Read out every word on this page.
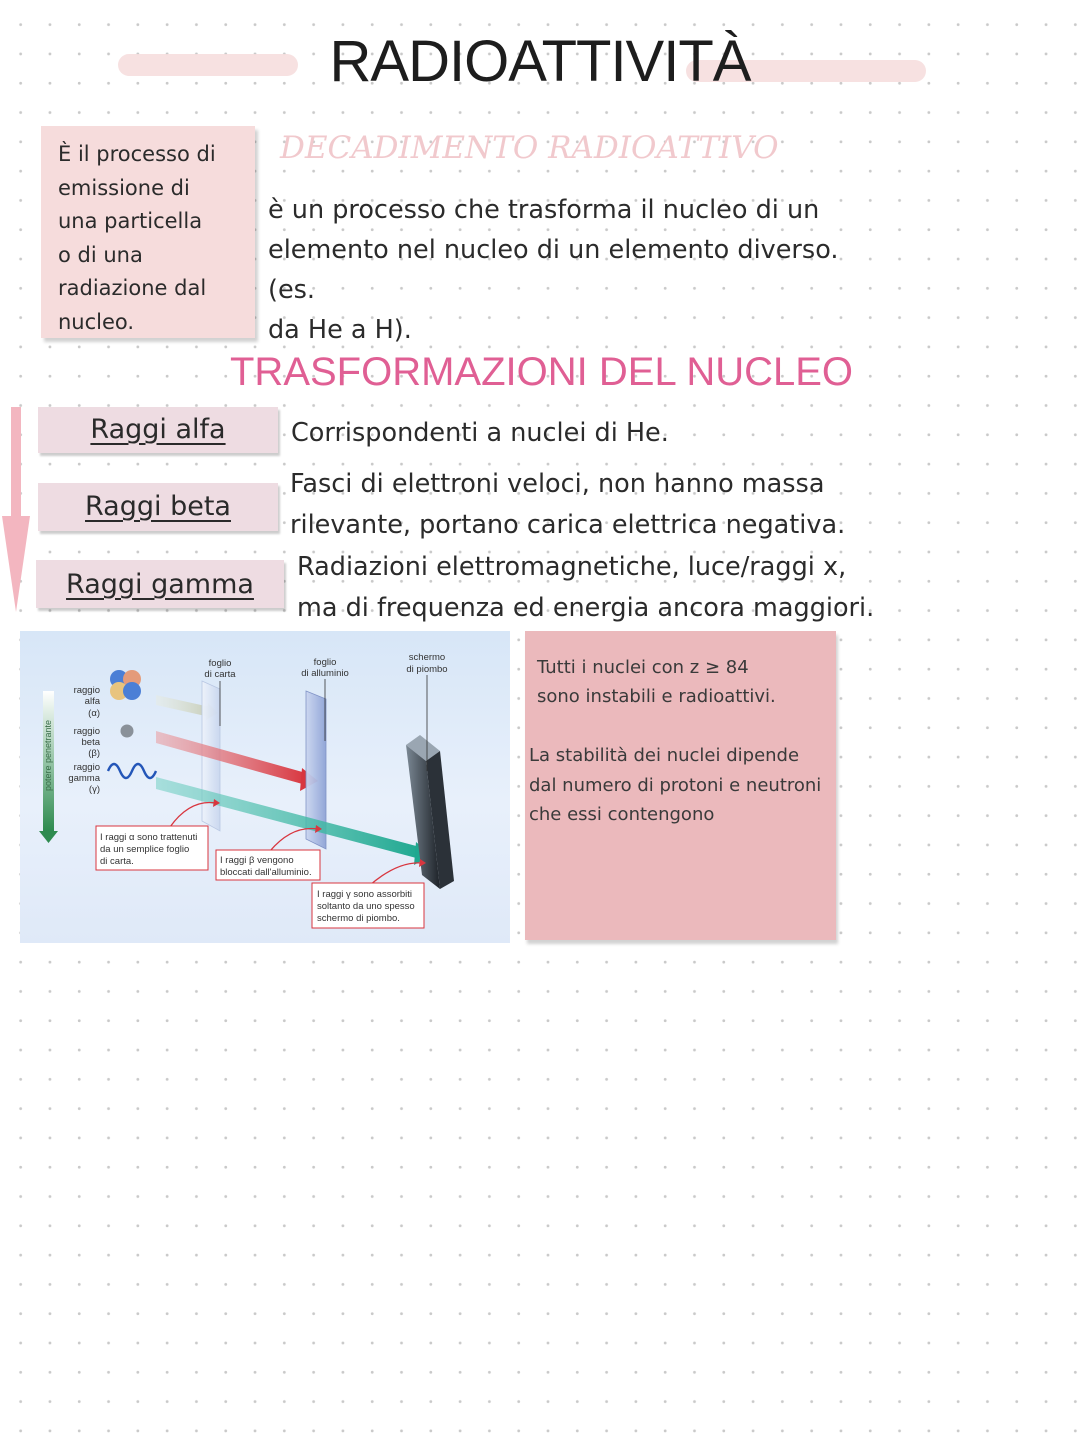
RADIOATTIVITÀ
È il processo di
emissione di
una particella
o di una
radiazione dal
nucleo.
DECADIMENTO RADIOATTIVO
è un processo che trasforma il nucleo di un
elemento nel nucleo di un elemento diverso. (es.
da He a H).
TRASFORMAZIONI DEL NUCLEO
Raggi alfa	Corrispondenti a nuclei di He.
Raggi beta
Fasci di elettroni veloci, non hanno massa
rilevante, portano carica elettrica negativa.
Raggi gamma
Radiazioni elettromagnetiche, luce/raggi x,
ma di frequenza ed energia ancora maggiori.
potere penetrante
raggio
alfa
(α)
raggio
beta
(β)
raggio
gamma
(γ)
foglio
di carta
foglio
di alluminio
schermo
di piombo
I raggi α sono trattenuti
da un semplice foglio
di carta.	I raggi β vengono
bloccati dall'alluminio.
I raggi γ sono assorbiti
soltanto da uno spesso
schermo di piombo.
Tutti i nuclei con z ≥ 84
sono instabili e radioattivi.
La stabilità dei nuclei dipende
dal numero di protoni e neutroni
che essi contengono
